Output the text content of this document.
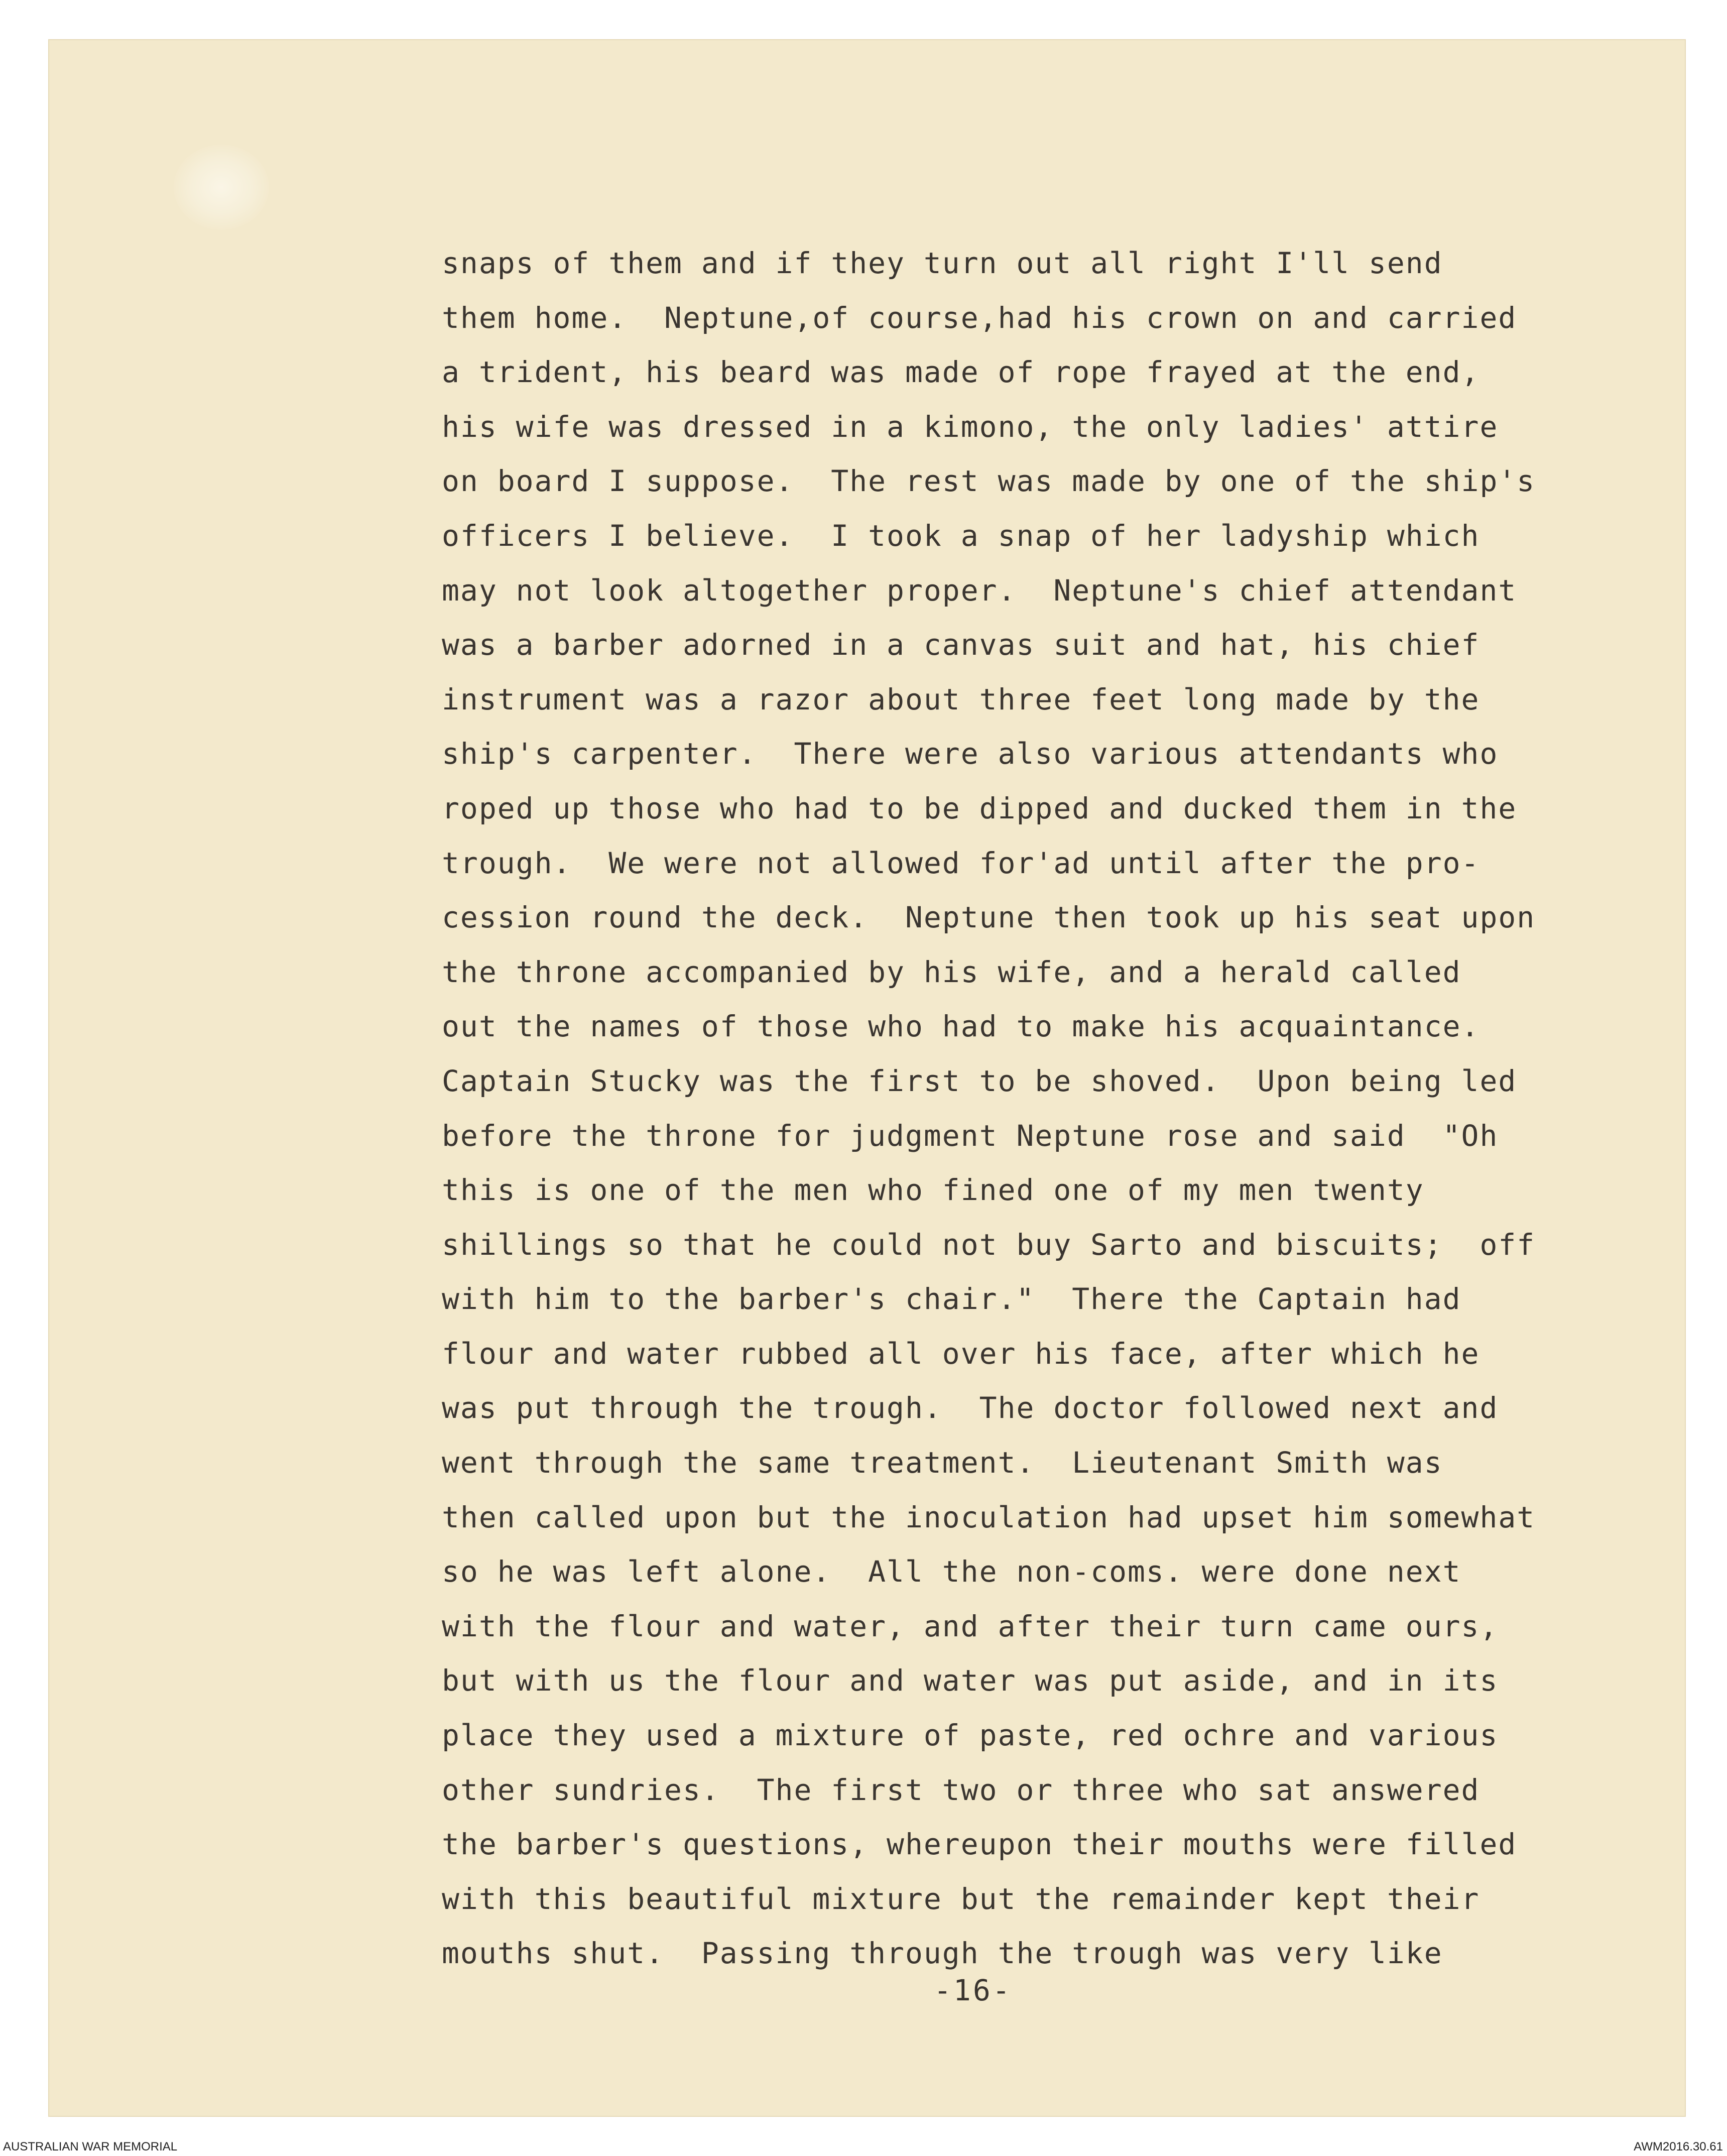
snaps of them and if they turn out all right I'll send
them home.  Neptune,of course,had his crown on and carried
a trident, his beard was made of rope frayed at the end,
his wife was dressed in a kimono, the only ladies' attire
on board I suppose.  The rest was made by one of the ship's
officers I believe.  I took a snap of her ladyship which
may not look altogether proper.  Neptune's chief attendant
was a barber adorned in a canvas suit and hat, his chief
instrument was a razor about three feet long made by the
ship's carpenter.  There were also various attendants who
roped up those who had to be dipped and ducked them in the
trough.  We were not allowed for'ad until after the pro-
cession round the deck.  Neptune then took up his seat upon
the throne accompanied by his wife, and a herald called
out the names of those who had to make his acquaintance.
Captain Stucky was the first to be shoved.  Upon being led
before the throne for judgment Neptune rose and said  "Oh
this is one of the men who fined one of my men twenty
shillings so that he could not buy Sarto and biscuits;  off
with him to the barber's chair."  There the Captain had
flour and water rubbed all over his face, after which he
was put through the trough.  The doctor followed next and
went through the same treatment.  Lieutenant Smith was
then called upon but the inoculation had upset him somewhat
so he was left alone.  All the non-coms. were done next
with the flour and water, and after their turn came ours,
but with us the flour and water was put aside, and in its
place they used a mixture of paste, red ochre and various
other sundries.  The first two or three who sat answered
the barber's questions, whereupon their mouths were filled
with this beautiful mixture but the remainder kept their
mouths shut.  Passing through the trough was very like
-16-
AUSTRALIAN WAR MEMORIAL	AWM2016.30.61
